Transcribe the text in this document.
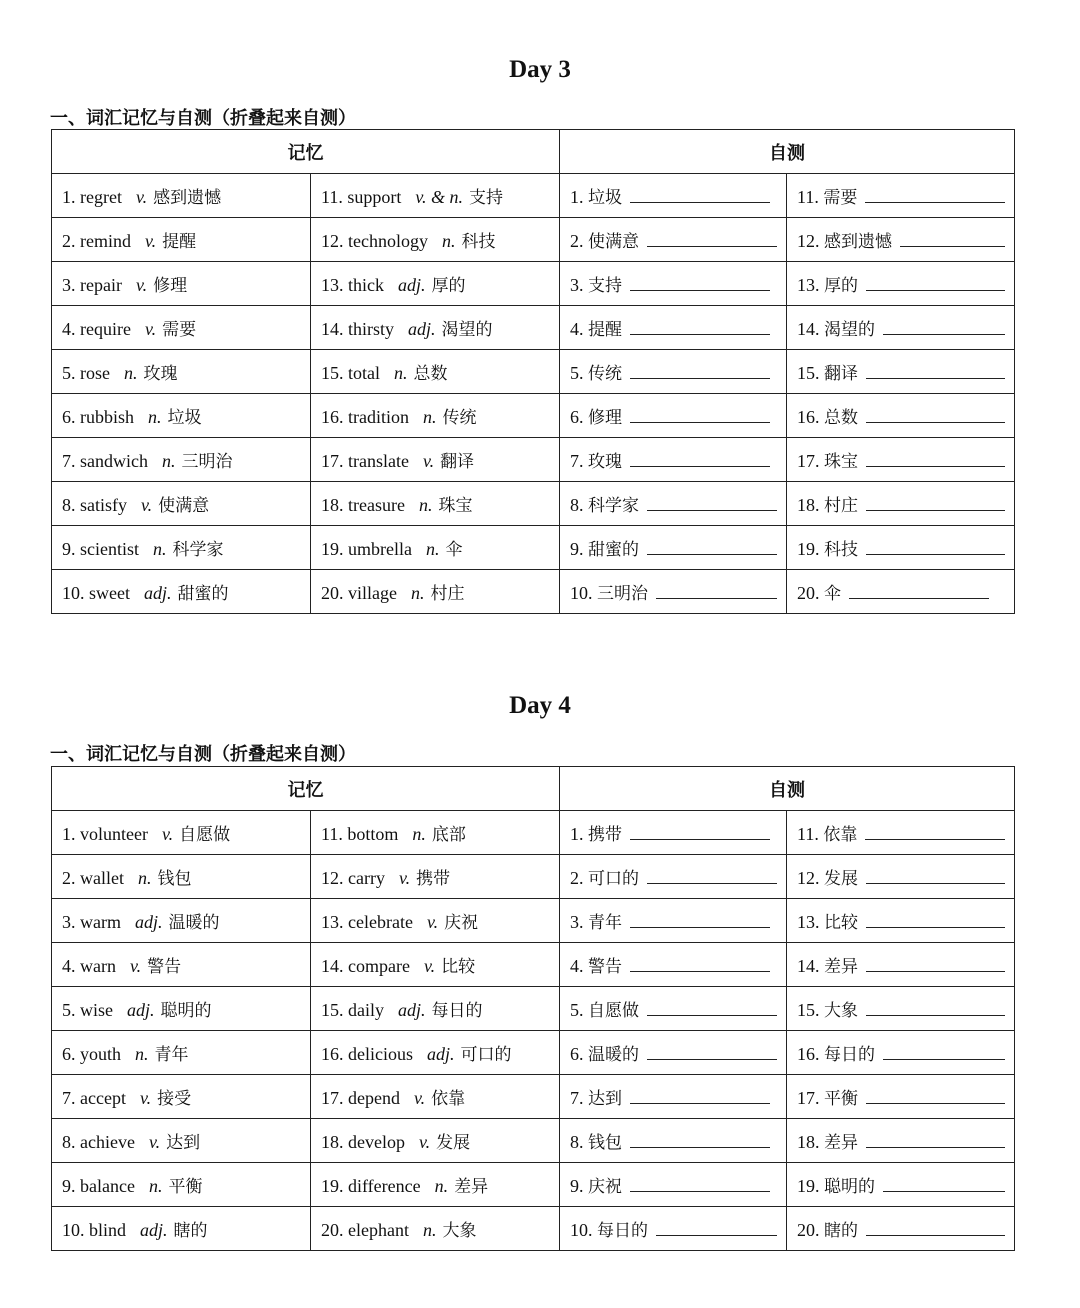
Day 3
一、词汇记忆与自测（折叠起来自测）
记忆		自测	
1. regret v. 感到遗憾	11. support v. & n. 支持	1. 垃圾	11. 需要
2. remind v. 提醒	12. technology n. 科技	2. 使满意	12. 感到遗憾
3. repair v. 修理	13. thick adj. 厚的	3. 支持	13. 厚的
4. require v. 需要	14. thirsty adj. 渴望的	4. 提醒	14. 渴望的
5. rose n. 玫瑰	15. total n. 总数	5. 传统	15. 翻译
6. rubbish n. 垃圾	16. tradition n. 传统	6. 修理	16. 总数
7. sandwich n. 三明治	17. translate v. 翻译	7. 玫瑰	17. 珠宝
8. satisfy v. 使满意	18. treasure n. 珠宝	8. 科学家	18. 村庄
9. scientist n. 科学家	19. umbrella n. 伞	9. 甜蜜的	19. 科技
10. sweet adj. 甜蜜的	20. village n. 村庄	10. 三明治	20. 伞
Day 4
一、词汇记忆与自测（折叠起来自测）
记忆		自测	
1. volunteer v. 自愿做	11. bottom n. 底部	1. 携带	11. 依靠
2. wallet n. 钱包	12. carry v. 携带	2. 可口的	12. 发展
3. warm adj. 温暖的	13. celebrate v. 庆祝	3. 青年	13. 比较
4. warn v. 警告	14. compare v. 比较	4. 警告	14. 差异
5. wise adj. 聪明的	15. daily adj. 每日的	5. 自愿做	15. 大象
6. youth n. 青年	16. delicious adj. 可口的	6. 温暖的	16. 每日的
7. accept v. 接受	17. depend v. 依靠	7. 达到	17. 平衡
8. achieve v. 达到	18. develop v. 发展	8. 钱包	18. 差异
9. balance n. 平衡	19. difference n. 差异	9. 庆祝	19. 聪明的
10. blind adj. 瞎的	20. elephant n. 大象	10. 每日的	20. 瞎的
